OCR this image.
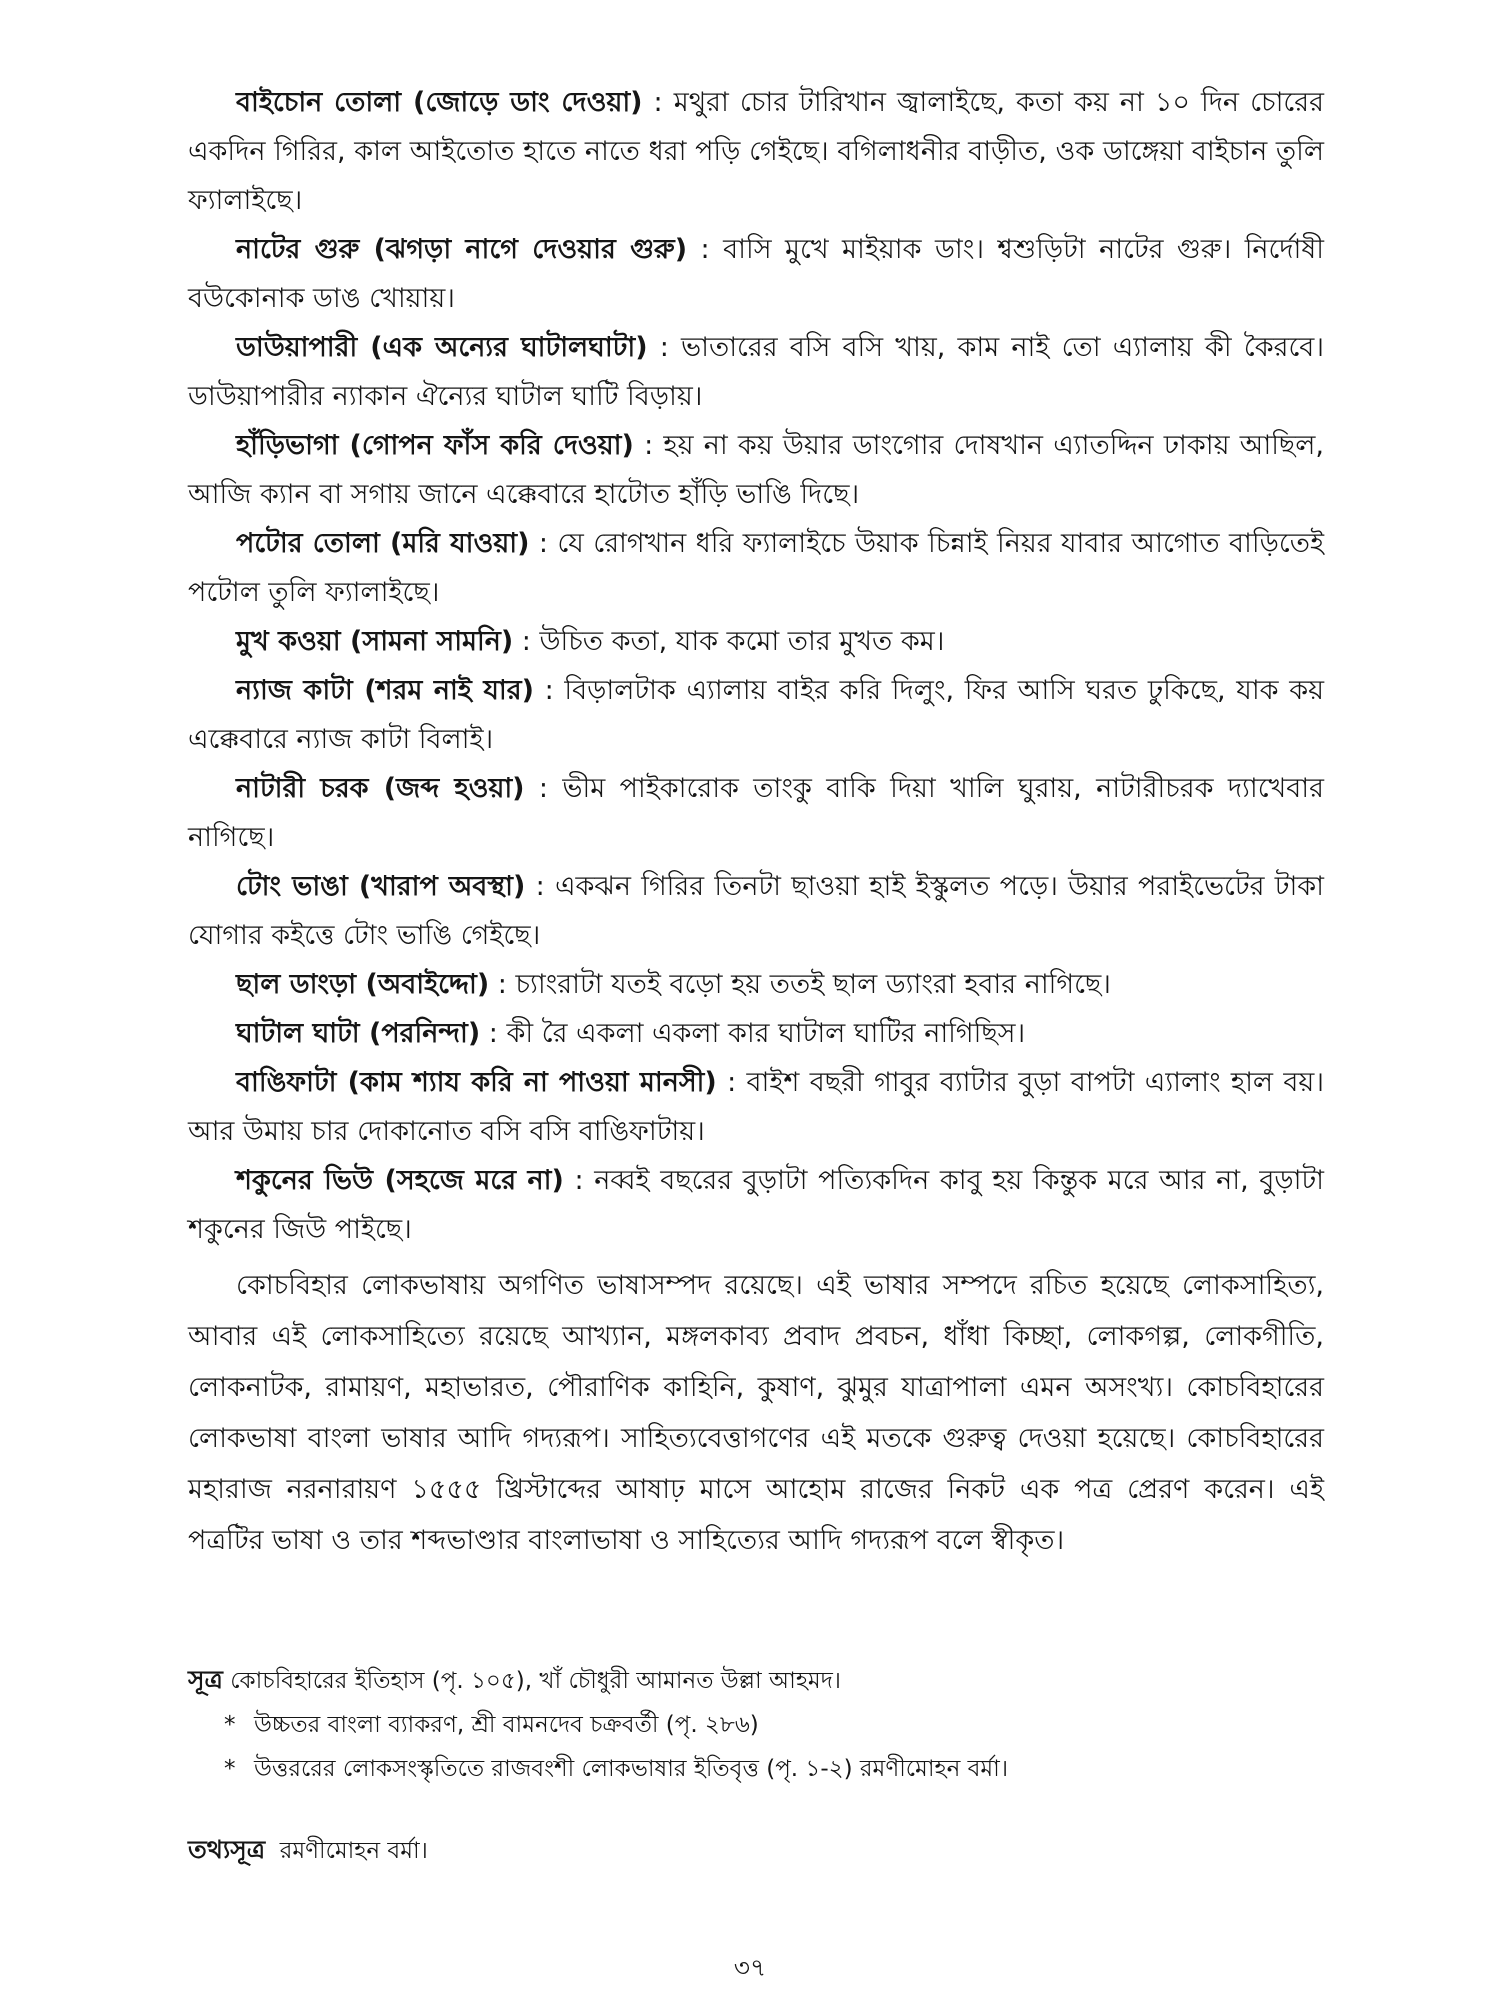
বাইচোন তোলা (জোড়ে ডাং দেওয়া) : মথুরা চোর টারিখান জ্বালাইছে, কতা কয় না ১০ দিন চোরের একদিন গিরির, কাল আইতোত হাতে নাতে ধরা পড়ি গেইছে। বগিলাধনীর বাড়ীত, ওক ডাঙ্গেয়া বাইচান তুলি ফ্যালাইছে।

নাটের গুরু (ঝগড়া নাগে দেওয়ার গুরু) : বাসি মুখে মাইয়াক ডাং। শ্বশুড়িটা নাটের গুরু। নির্দোষী বউকোনাক ডাঙ খোয়ায়।

ডাউয়াপারী (এক অন্যের ঘাটালঘাটা) : ভাতারের বসি বসি খায়, কাম নাই তো এ্যালায় কী কৈরবে। ডাউয়াপারীর ন্যাকান ঐন্যের ঘাটাল ঘাটি বিড়ায়।

হাঁড়িভাগা (গোপন ফাঁস করি দেওয়া) : হয় না কয় উয়ার ডাংগোর দোষখান এ্যাতদ্দিন ঢাকায় আছিল, আজি ক্যান বা সগায় জানে এক্কেবারে হাটোত হাঁড়ি ভাঙি দিছে।

পটোর তোলা (মরি যাওয়া) : যে রোগখান ধরি ফ্যালাইচে উয়াক চিন্নাই নিয়র যাবার আগোত বাড়িতেই পটোল তুলি ফ্যালাইছে।

মুখ কওয়া (সামনা সামনি) : উচিত কতা, যাক কমো তার মুখত কম।

ন্যাজ কাটা (শরম নাই যার) : বিড়ালটাক এ্যালায় বাইর করি দিলুং, ফির আসি ঘরত ঢুকিছে, যাক কয় এক্কেবারে ন্যাজ কাটা বিলাই।

নাটারী চরক (জব্দ হওয়া) : ভীম পাইকারোক তাংকু বাকি দিয়া খালি ঘুরায়, নাটারীচরক দ্যাখেবার নাগিছে।

টোং ভাঙা (খারাপ অবস্থা) : একঝন গিরির তিনটা ছাওয়া হাই ইস্কুলত পড়ে। উয়ার পরাইভেটের টাকা যোগার কইত্তে টোং ভাঙি গেইছে।

ছাল ডাংড়া (অবাইদ্দো) : চ্যাংরাটা যতই বড়ো হয় ততই ছাল ড্যাংরা হবার নাগিছে।

ঘাটাল ঘাটা (পরনিন্দা) : কী রৈ একলা একলা কার ঘাটাল ঘাটির নাগিছিস।

বাঙিফাটা (কাম শ্যায করি না পাওয়া মানসী) : বাইশ বছরী গাবুর ব্যাটার বুড়া বাপটা এ্যালাং হাল বয়। আর উমায় চার দোকানোত বসি বসি বাঙিফাটায়।

শকুনের ভিউ (সহজে মরে না) : নব্বই বছরের বুড়াটা পত্যিকদিন কাবু হয় কিন্তুক মরে আর না, বুড়াটা শকুনের জিউ পাইছে।

কোচবিহার লোকভাষায় অগণিত ভাষাসম্পদ রয়েছে। এই ভাষার সম্পদে রচিত হয়েছে লোকসাহিত্য, আবার এই লোকসাহিত্যে রয়েছে আখ্যান, মঙ্গলকাব্য প্রবাদ প্রবচন, ধাঁধা কিচ্ছা, লোকগল্প, লোকগীতি, লোকনাটক, রামায়ণ, মহাভারত, পৌরাণিক কাহিনি, কুষাণ, ঝুমুর যাত্রাপালা এমন অসংখ্য। কোচবিহারের লোকভাষা বাংলা ভাষার আদি গদ্যরূপ। সাহিত্যবেত্তাগণের এই মতকে গুরুত্ব দেওয়া হয়েছে। কোচবিহারের মহারাজ নরনারায়ণ ১৫৫৫ খ্রিস্টাব্দের আষাঢ় মাসে আহোম রাজের নিকট এক পত্র প্রেরণ করেন। এই পত্রটির ভাষা ও তার শব্দভাণ্ডার বাংলাভাষা ও সাহিত্যের আদি গদ্যরূপ বলে স্বীকৃত।

সূত্র কোচবিহারের ইতিহাস (পৃ. ১০৫), খাঁ চৌধুরী আমানত উল্লা আহমদ।

* উচ্চতর বাংলা ব্যাকরণ, শ্রী বামনদেব চক্রবর্তী (পৃ. ২৮৬)

* উত্তররের লোকসংস্কৃতিতে রাজবংশী লোকভাষার ইতিবৃত্ত (পৃ. ১-২) রমণীমোহন বর্মা।

তথ্যসূত্র রমণীমোহন বর্মা।
৩৭
